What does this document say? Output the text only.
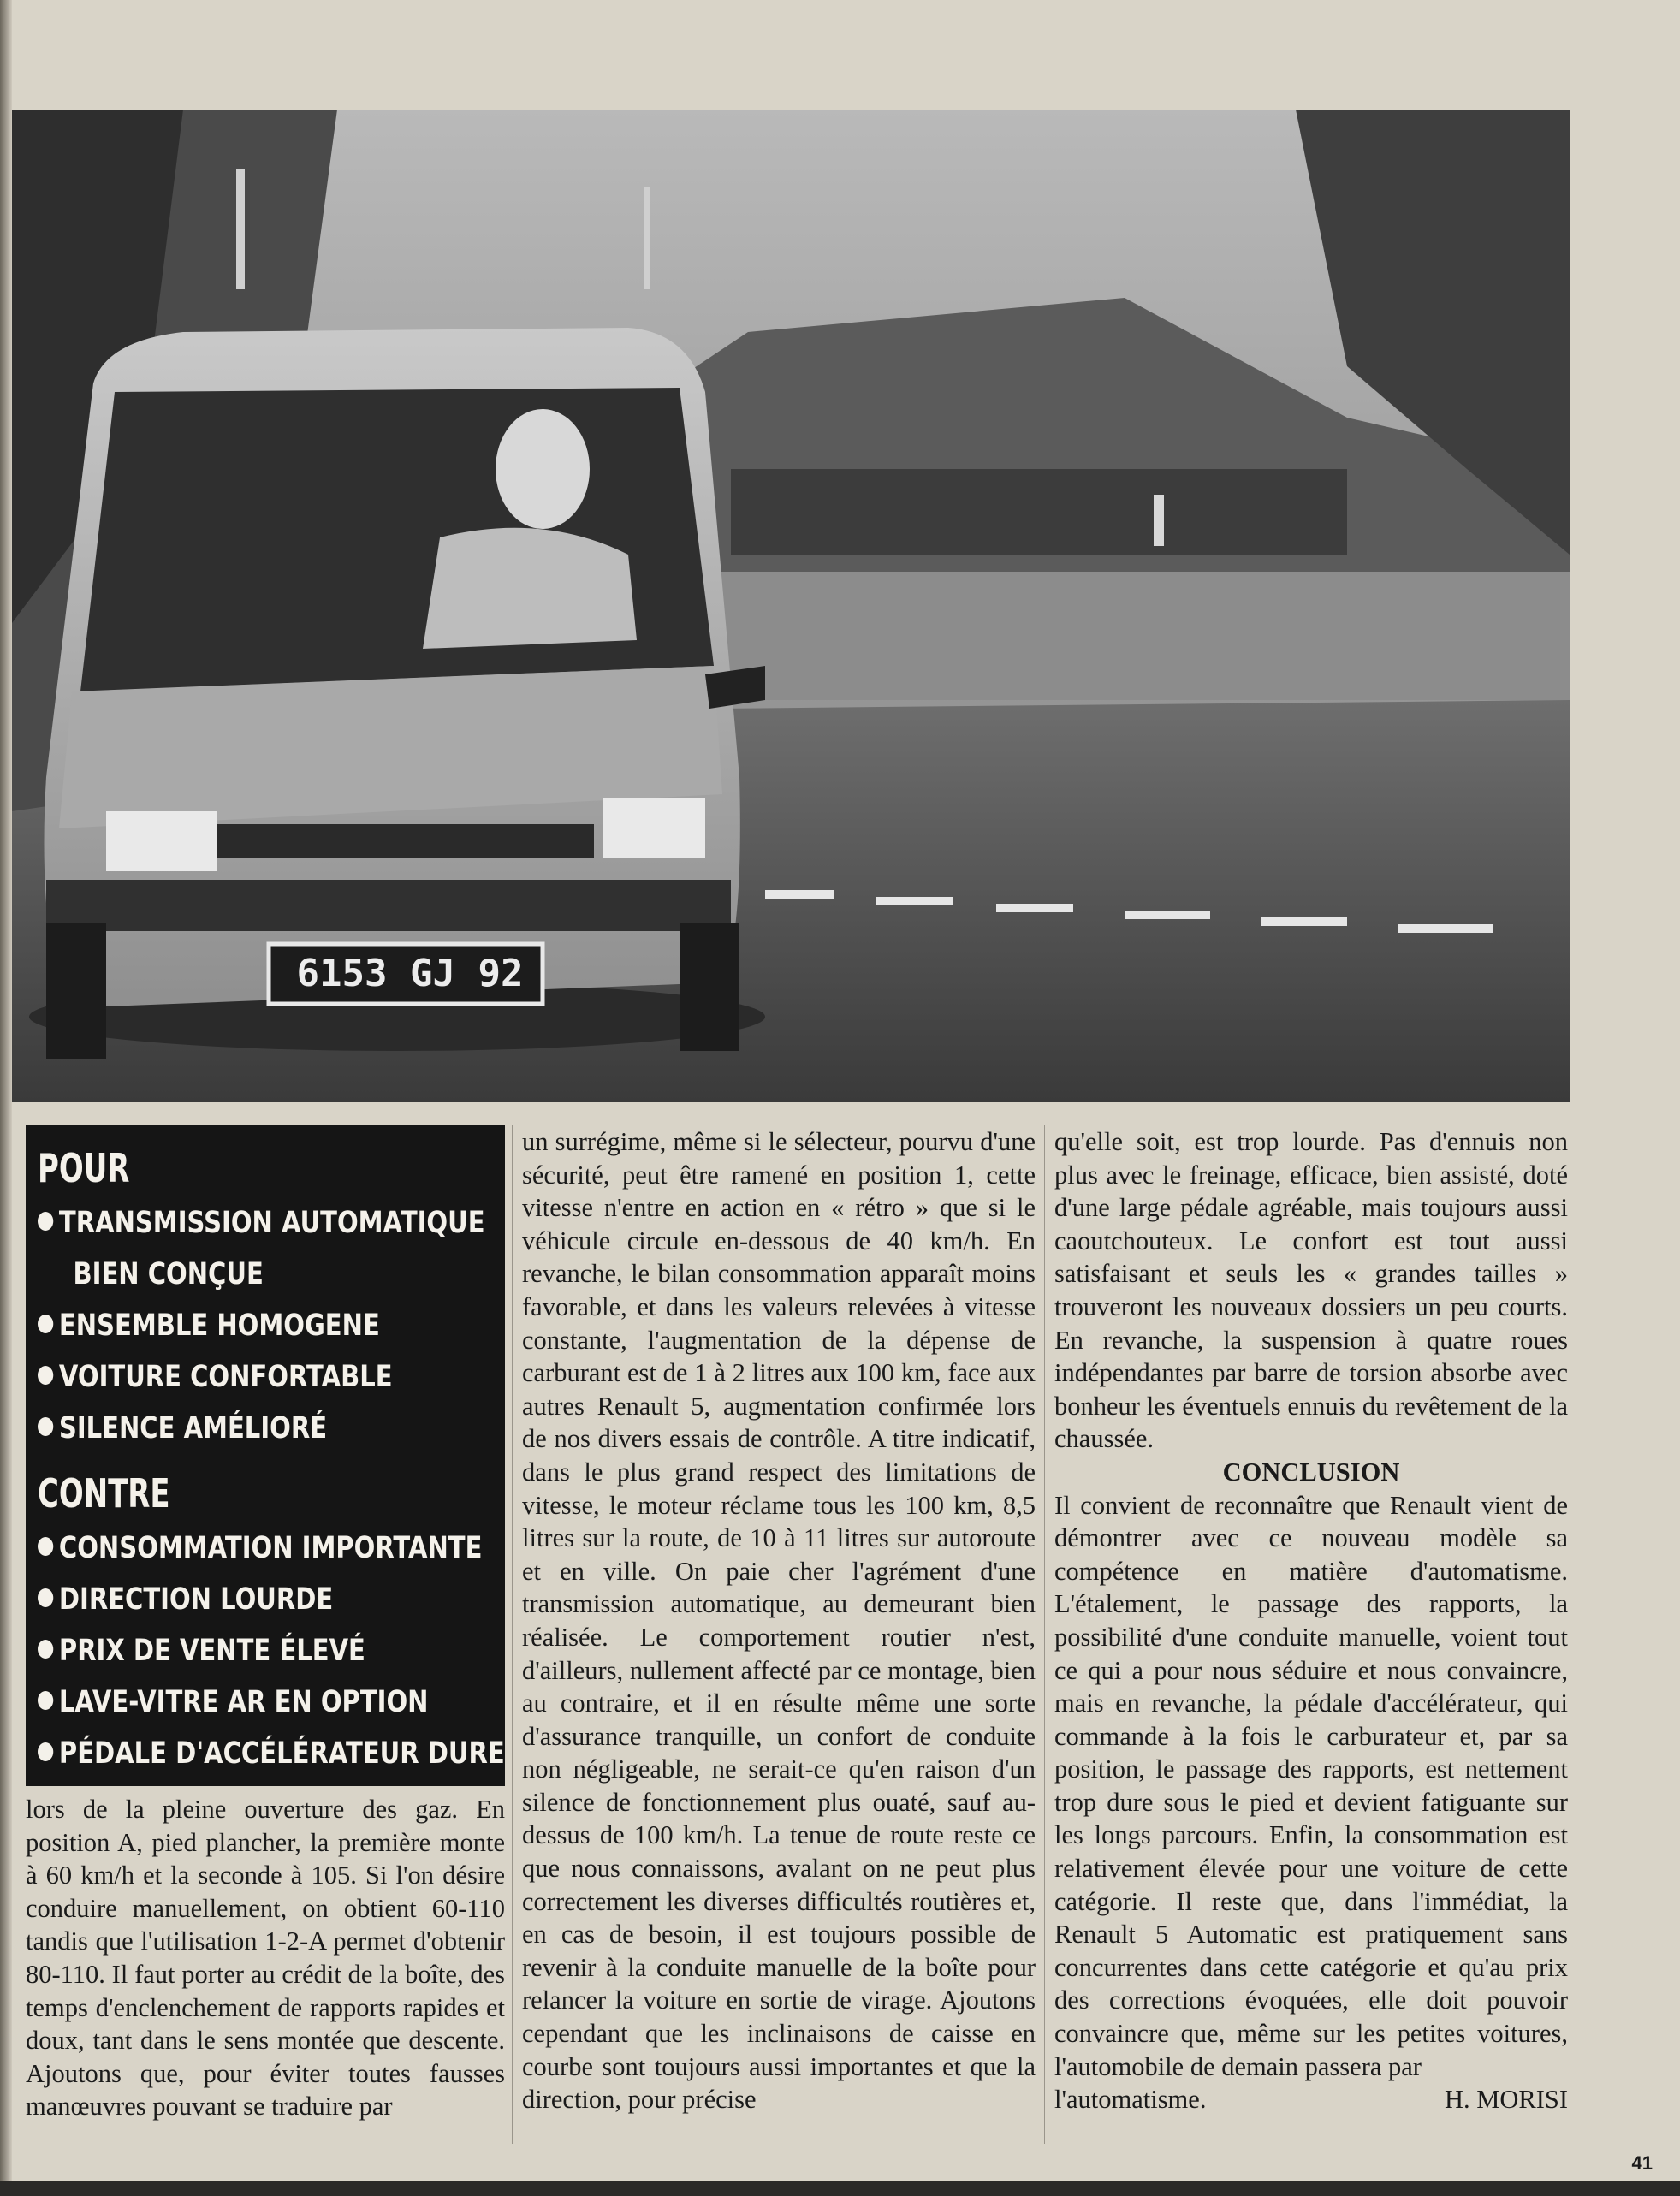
6153 GJ 92
POUR
TRANSMISSION AUTOMATIQUE
BIEN CONÇUE
ENSEMBLE HOMOGENE
VOITURE CONFORTABLE
SILENCE AMÉLIORÉ
CONTRE
CONSOMMATION IMPORTANTE
DIRECTION LOURDE
PRIX DE VENTE ÉLEVÉ
LAVE-VITRE AR EN OPTION
PÉDALE D'ACCÉLÉRATEUR DURE

lors de la pleine ouverture des gaz. En position A, pied plancher, la première monte à 60 km/h et la seconde à 105. Si l'on désire conduire manuellement, on obtient 60-110 tandis que l'utilisation 1-2-A permet d'obtenir 80-110. Il faut porter au crédit de la boîte, des temps d'enclenchement de rapports rapides et doux, tant dans le sens montée que descente. Ajoutons que, pour éviter toutes fausses manœuvres pouvant se traduire par

un surrégime, même si le sélecteur, pourvu d'une sécurité, peut être ramené en position 1, cette vitesse n'entre en action en « rétro » que si le véhicule circule en-dessous de 40 km/h. En revanche, le bilan consommation apparaît moins favorable, et dans les valeurs relevées à vitesse constante, l'augmentation de la dépense de carburant est de 1 à 2 litres aux 100 km, face aux autres Renault 5, augmentation confirmée lors de nos divers essais de contrôle. A titre indicatif, dans le plus grand respect des limitations de vitesse, le moteur réclame tous les 100 km, 8,5 litres sur la route, de 10 à 11 litres sur autoroute et en ville. On paie cher l'agrément d'une transmission automatique, au demeurant bien réalisée. Le comportement routier n'est, d'ailleurs, nullement affecté par ce montage, bien au contraire, et il en résulte même une sorte d'assurance tranquille, un confort de conduite non négligeable, ne serait-ce qu'en raison d'un silence de fonctionnement plus ouaté, sauf au-dessus de 100 km/h. La tenue de route reste ce que nous connaissons, avalant on ne peut plus correctement les diverses difficultés routières et, en cas de besoin, il est toujours possible de revenir à la conduite manuelle de la boîte pour relancer la voiture en sortie de virage. Ajoutons cependant que les inclinaisons de caisse en courbe sont toujours aussi importantes et que la direction, pour précise

qu'elle soit, est trop lourde. Pas d'ennuis non plus avec le freinage, efficace, bien assisté, doté d'une large pédale agréable, mais toujours aussi caoutchouteux. Le confort est tout aussi satisfaisant et seuls les « grandes tailles » trouveront les nouveaux dossiers un peu courts. En revanche, la suspension à quatre roues indépendantes par barre de torsion absorbe avec bonheur les éventuels ennuis du revêtement de la chaussée.

CONCLUSION

Il convient de reconnaître que Renault vient de démontrer avec ce nouveau modèle sa compétence en matière d'automatisme. L'étalement, le passage des rapports, la possibilité d'une conduite manuelle, voient tout ce qui a pour nous séduire et nous convaincre, mais en revanche, la pédale d'accélérateur, qui commande à la fois le carburateur et, par sa position, le passage des rapports, est nettement trop dure sous le pied et devient fatiguante sur les longs parcours. Enfin, la consommation est relativement élevée pour une voiture de cette catégorie. Il reste que, dans l'immédiat, la Renault 5 Automatic est pratiquement sans concurrentes dans cette catégorie et qu'au prix des corrections évoquées, elle doit pouvoir convaincre que, même sur les petites voitures, l'automobile de demain passera par

l'automatisme.	H. MORISI
41
